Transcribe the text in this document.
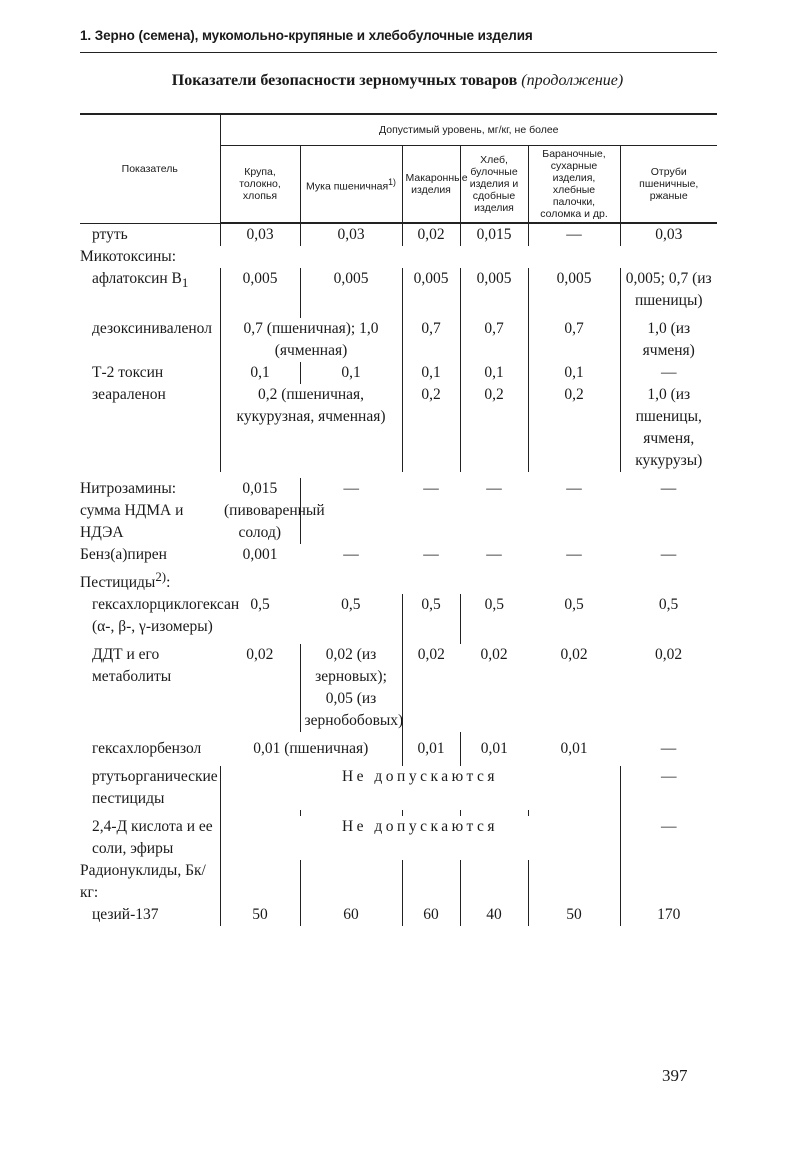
1. Зерно (семена), мукомольно-крупяные и хлебобулочные изделия
Показатели безопасности зерномучных товаров (продолжение)
Показатель	Допустимый уровень, мг/кг, не более					
	Крупа, толокно, хлопья	Мука пшеничная$^{1)}$	Макаронные изделия	Хлеб, булочные изделия и сдобные изделия	Бараночные, сухарные изделия, хлебные палочки, соломка и др.	Отруби пшеничные, ржаные
ртуть	0,03	0,03	0,02	0,015	—	0,03
Микотоксины:						
афлатоксин $B_1$	0,005	0,005	0,005	0,005	0,005	0,005; 0,7 (из пшеницы)

дезоксиниваленол	0,7 (пшеничная); 1,0 (ячменная)		0,7	0,7	0,7	1,0 (из ячменя)
Т-2 токсин	0,1	0,1	0,1	0,1	0,1	—
зеараленон	0,2 (пшеничная, кукурузная, ячменная)		0,2	0,2	0,2	1,0 (из пшеницы, ячменя, кукурузы)

Нитрозамины: сумма НДМА и НДЭА	0,015 (пивоваренный солод)	—	—	—	—	—
Бенз(а)пирен	0,001	—	—	—	—	—
Пестициды$^{2)}$:						
гексахлорциклогексан (α-, β-, γ-изомеры)	0,5	0,5	0,5	0,5	0,5	0,5

ДДТ и его метаболиты	0,02	0,02 (из зерновых); 0,05 (из зернобобовых)	0,02	0,02	0,02	0,02

гексахлорбензол	0,01 (пшеничная)		0,01	0,01	0,01	—

ртутьорганические пестициды	Не допускаются					—

2,4-Д кислота и ее соли, эфиры	Не допускаются					—
Радионуклиды, Бк/кг:						
цезий-137	50	60	60	40	50	170
397
